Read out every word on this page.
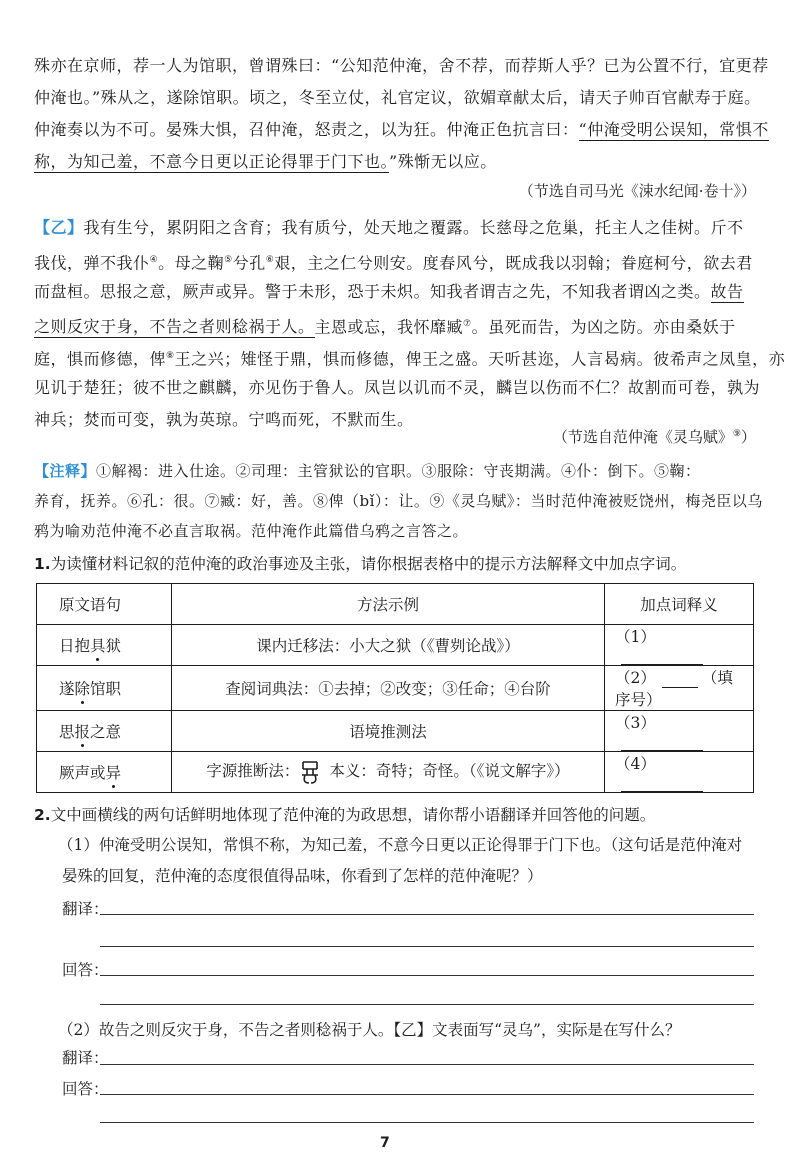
殊亦在京师，荐一人为馆职，曾谓殊曰：“公知范仲淹，舍不荐，而荐斯人乎？已为公置不行，宜更荐
仲淹也。”殊从之，遂除馆职。顷之，冬至立仗，礼官定议，欲媚章献太后，请天子帅百官献寿于庭。
仲淹奏以为不可。晏殊大惧，召仲淹，怒责之，以为狂。仲淹正色抗言曰：“仲淹受明公误知，常惧不
称，为知己羞，不意今日更以正论得罪于门下也。”殊惭无以应。
（节选自司马光《涑水纪闻·卷十》）
【乙】我有生兮，累阴阳之含育；我有质兮，处天地之覆露。长慈母之危巢，托主人之佳树。斤不
我伐，弹不我仆④。母之鞠⑤兮孔⑥艰，主之仁兮则安。度春风兮，既成我以羽翰；眷庭柯兮，欲去君
而盘桓。思报之意，厥声或异。警于未形，恐于未炽。知我者谓吉之先，不知我者谓凶之类。故告
之则反灾于身，不告之者则稔祸于人。主恩或忘，我怀靡臧⑦。虽死而告，为凶之防。亦由桑妖于
庭，惧而修德，俾⑧王之兴；雉怪于鼎，惧而修德，俾王之盛。天听甚迩，人言曷病。彼希声之凤皇，亦
见讥于楚狂；彼不世之麒麟，亦见伤于鲁人。凤岂以讥而不灵，麟岂以伤而不仁？故割而可卷，孰为
神兵；焚而可变，孰为英琼。宁鸣而死，不默而生。
（节选自范仲淹《灵乌赋》⑨）
【注释】①解褐：进入仕途。②司理：主管狱讼的官职。③服除：守丧期满。④仆：倒下。⑤鞠：
养育，抚养。⑥孔：很。⑦臧：好，善。⑧俾（bǐ）：让。⑨《灵乌赋》：当时范仲淹被贬饶州，梅尧臣以乌
鸦为喻劝范仲淹不必直言取祸。范仲淹作此篇借乌鸦之言答之。
1.为读懂材料记叙的范仲淹的政治事迹及主张，请你根据表格中的提示方法解释文中加点字词。
原文语句	方法示例	加点词释义
日抱具狱	课内迁移法：小大之狱（《曹刿论战》）	（1）
遂除馆职	查阅词典法：①去掉；②改变；③任命；④台阶	（2） （填序号）
思报之意	语境推测法	（3）
厥声或异	字源推断法： 本义：奇特；奇怪。（《说文解字》）	（4）
2.文中画横线的两句话鲜明地体现了范仲淹的为政思想，请你帮小语翻译并回答他的问题。
（1）仲淹受明公误知，常惧不称，为知己羞，不意今日更以正论得罪于门下也。（这句话是范仲淹对
晏殊的回复，范仲淹的态度很值得品味，你看到了怎样的范仲淹呢？）
翻译：
回答：
（2）故告之则反灾于身，不告之者则稔祸于人。【乙】文表面写“灵乌”，实际是在写什么？
翻译：
回答：
7
